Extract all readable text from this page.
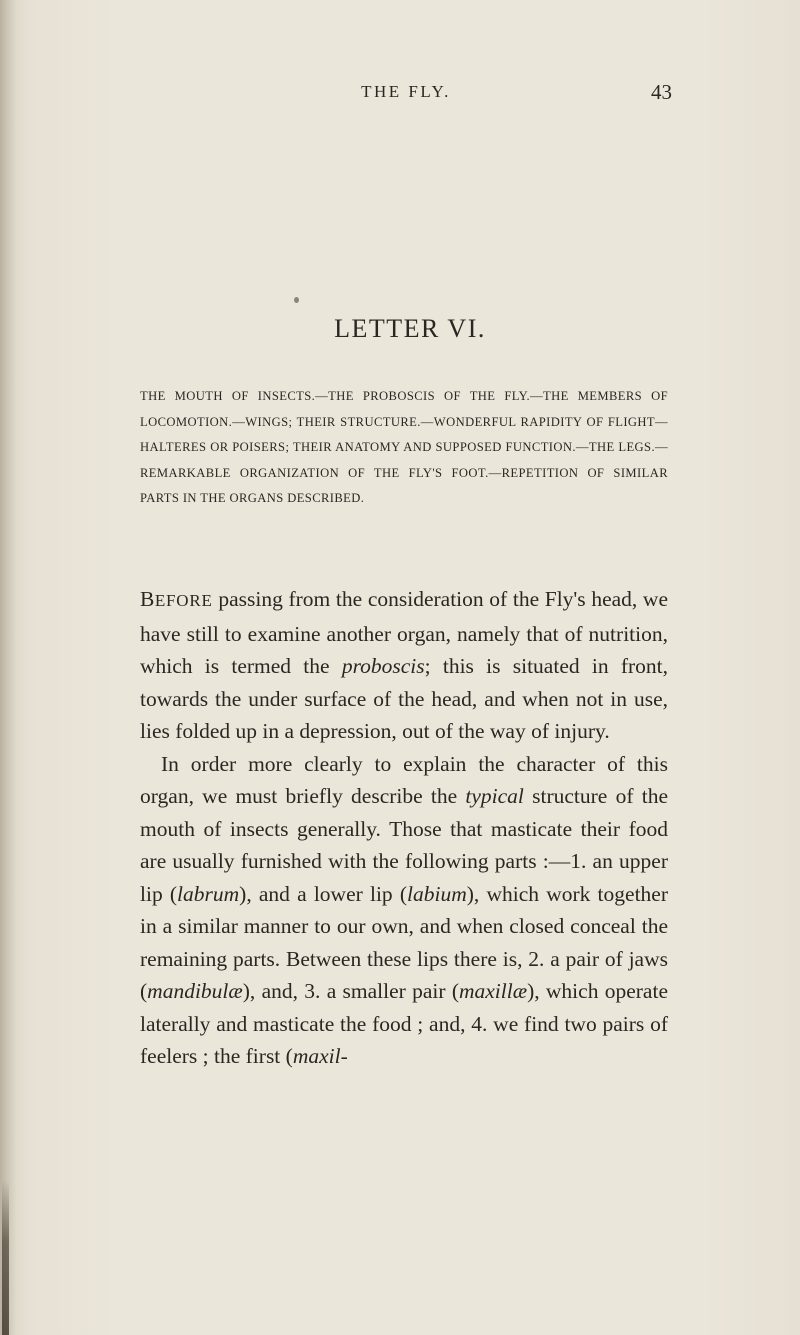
THE FLY.	43
LETTER VI.
THE MOUTH OF INSECTS.—THE PROBOSCIS OF THE FLY.—THE MEMBERS OF LOCOMOTION.—WINGS; THEIR STRUCTURE.—WONDERFUL RAPIDITY OF FLIGHT—HALTERES OR POISERS; THEIR ANATOMY AND SUPPOSED FUNCTION.—THE LEGS.—REMARKABLE ORGANIZATION OF THE FLY'S FOOT.—REPETITION OF SIMILAR PARTS IN THE ORGANS DESCRIBED.

BEFORE passing from the consideration of the Fly's head, we have still to examine another organ, namely that of nutrition, which is termed the proboscis; this is situated in front, towards the under surface of the head, and when not in use, lies folded up in a depression, out of the way of injury.

In order more clearly to explain the character of this organ, we must briefly describe the typical structure of the mouth of insects generally. Those that masticate their food are usually furnished with the following parts :—1. an upper lip (labrum), and a lower lip (labium), which work together in a similar manner to our own, and when closed conceal the remaining parts. Between these lips there is, 2. a pair of jaws (mandibulæ), and, 3. a smaller pair (maxillæ), which operate laterally and masticate the food ; and, 4. we find two pairs of feelers ; the first (maxil-
